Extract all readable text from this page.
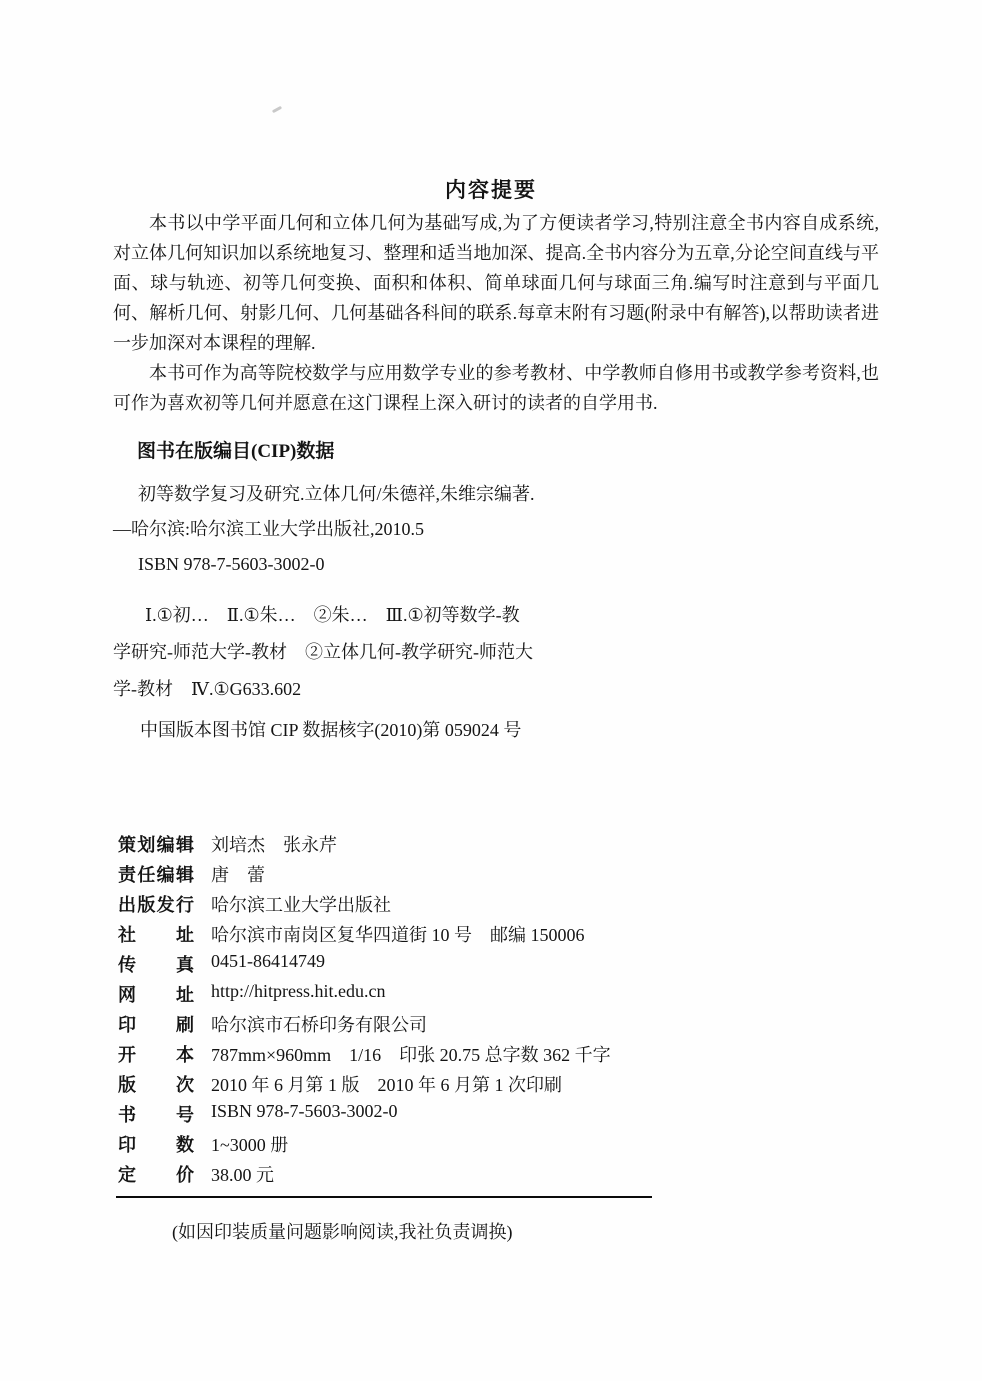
内容提要

本书以中学平面几何和立体几何为基础写成,为了方便读者学习,特别注意全书内容自成系统,对立体几何知识加以系统地复习、整理和适当地加深、提高.全书内容分为五章,分论空间直线与平面、球与轨迹、初等几何变换、面积和体积、简单球面几何与球面三角.编写时注意到与平面几何、解析几何、射影几何、几何基础各科间的联系.每章末附有习题(附录中有解答),以帮助读者进一步加深对本课程的理解.

本书可作为高等院校数学与应用数学专业的参考教材、中学教师自修用书或教学参考资料,也可作为喜欢初等几何并愿意在这门课程上深入研讨的读者的自学用书.

图书在版编目(CIP)数据
初等数学复习及研究.立体几何/朱德祥,朱维宗编著.
—哈尔滨:哈尔滨工业大学出版社,2010.5
ISBN 978-7-5603-3002-0
Ⅰ.①初…　Ⅱ.①朱…　②朱…　Ⅲ.①初等数学-教
学研究-师范大学-教材　②立体几何-教学研究-师范大
学-教材　Ⅳ.①G633.602
中国版本图书馆 CIP 数据核字(2010)第 059024 号
策划编辑 刘培杰　张永芹
责任编辑 唐　蕾
出版发行 哈尔滨工业大学出版社
社址 哈尔滨市南岗区复华四道街 10 号　邮编 150006
传真 0451-86414749
网址 http://hitpress.hit.edu.cn
印刷 哈尔滨市石桥印务有限公司
开本 787mm×960mm　1/16　印张 20.75 总字数 362 千字
版次 2010 年 6 月第 1 版　2010 年 6 月第 1 次印刷
书号 ISBN 978-7-5603-3002-0
印数 1~3000 册
定价 38.00 元
(如因印装质量问题影响阅读,我社负责调换)
